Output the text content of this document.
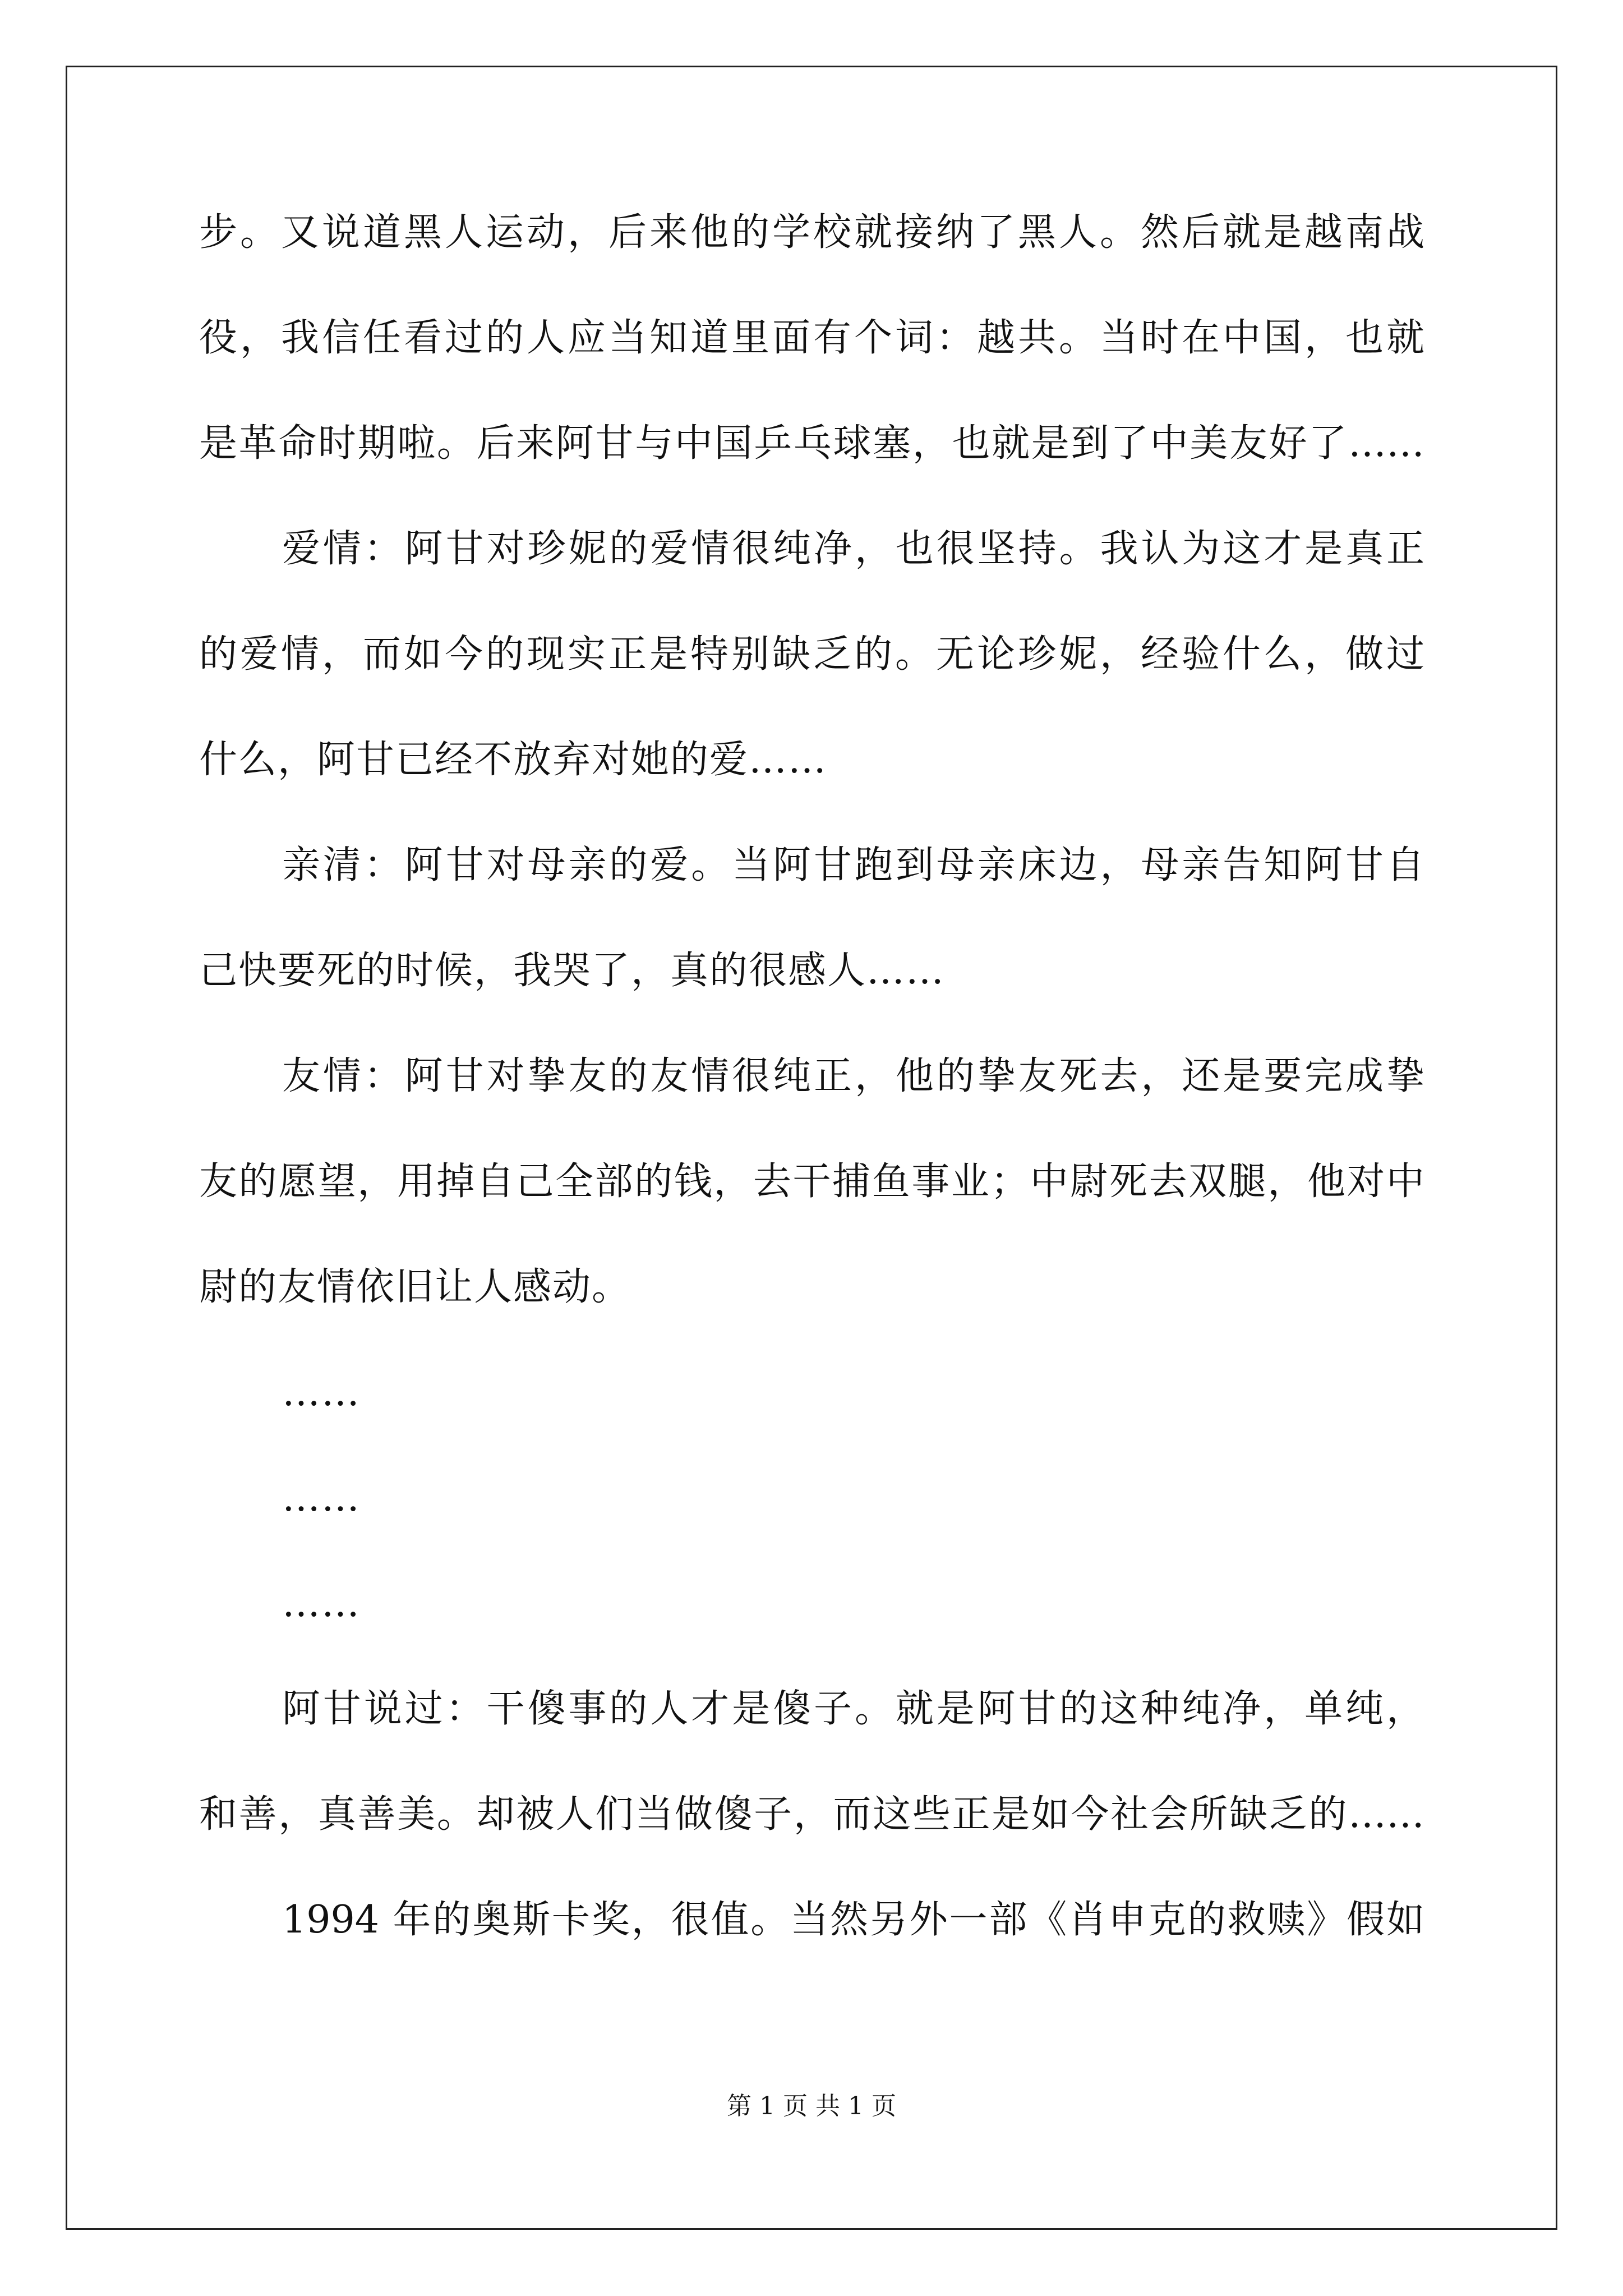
步。又说道黑人运动，后来他的学校就接纳了黑人。然后就是越南战
役，我信任看过的人应当知道里面有个词：越共。当时在中国，也就
是革命时期啦。后来阿甘与中国乒乓球塞，也就是到了中美友好了……
爱情：阿甘对珍妮的爱情很纯净，也很坚持。我认为这才是真正
的爱情，而如今的现实正是特别缺乏的。无论珍妮，经验什么，做过
什么，阿甘已经不放弃对她的爱……
亲清：阿甘对母亲的爱。当阿甘跑到母亲床边，母亲告知阿甘自
己快要死的时候，我哭了，真的很感人……
友情：阿甘对挚友的友情很纯正，他的挚友死去，还是要完成挚
友的愿望，用掉自己全部的钱，去干捕鱼事业；中尉死去双腿，他对中
尉的友情依旧让人感动。
……
……
……
阿甘说过：干傻事的人才是傻子。就是阿甘的这种纯净，单纯，
和善，真善美。却被人们当做傻子，而这些正是如今社会所缺乏的……
1994 年的奥斯卡奖，很值。当然另外一部《肖申克的救赎》假如
第 1 页 共 1 页
